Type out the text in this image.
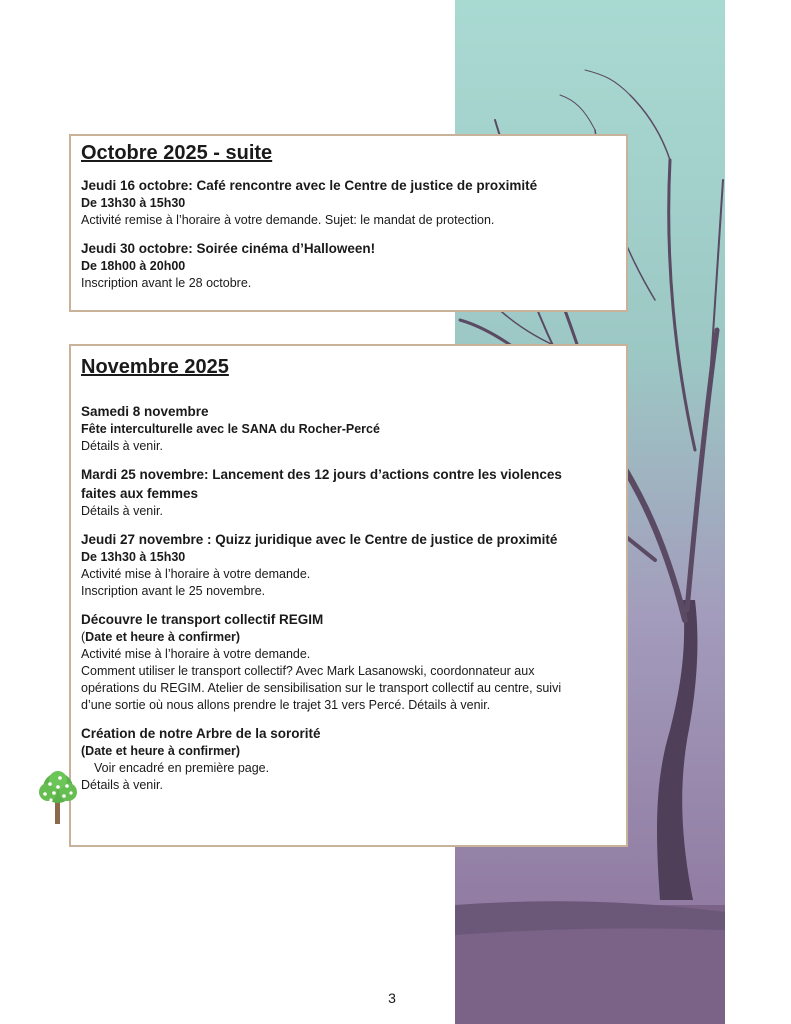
Octobre 2025 - suite
Jeudi 16 octobre: Café rencontre avec le Centre de justice de proximité
De 13h30 à 15h30
Activité remise à l’horaire à votre demande. Sujet: le mandat de protection.
Jeudi 30 octobre: Soirée cinéma d’Halloween!
De 18h00 à 20h00
Inscription avant le 28 octobre.
Novembre 2025
Samedi 8 novembre
Fête interculturelle avec le SANA du Rocher-Percé
Détails à venir.
Mardi 25 novembre: Lancement des 12 jours d’actions contre les violences
faites aux femmes
Détails à venir.
Jeudi 27 novembre : Quizz juridique avec le Centre de justice de proximité
De 13h30 à 15h30
Activité mise à l’horaire à votre demande.
Inscription avant le 25 novembre.
Découvre le transport collectif REGIM
(Date et heure à confirmer)
Activité mise à l’horaire à votre demande.
Comment utiliser le transport collectif? Avec Mark Lasanowski, coordonnateur aux
opérations du REGIM. Atelier de sensibilisation sur le transport collectif au centre, suivi
d’une sortie où nous allons prendre le trajet 31 vers Percé. Détails à venir.
Création de notre Arbre de la sororité
(Date et heure à confirmer)
Voir encadré en première page.
Détails à venir.
3
